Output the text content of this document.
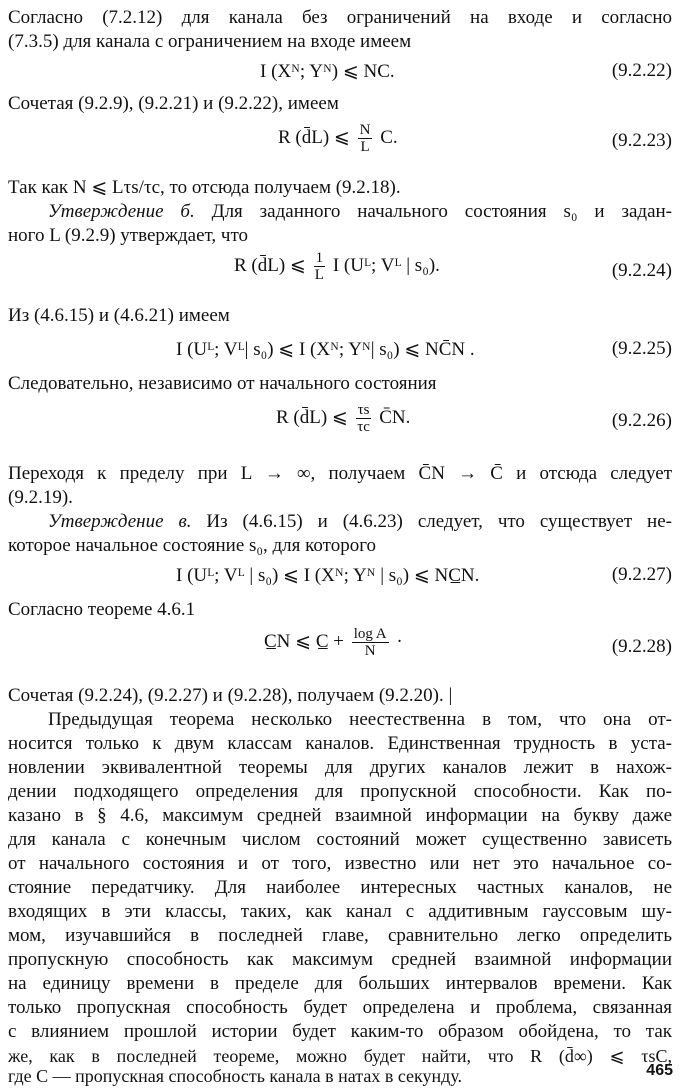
Согласно (7.2.12) для канала без ограничений на входе и согласно
(7.3.5) для канала с ограничением на входе имеем
I (Xᴺ; Yᴺ) ⩽ NC.	(9.2.22)
Сочетая (9.2.9), (9.2.21) и (9.2.22), имеем
R (d̄L) ⩽ $\frac{N}{L} C$.	(9.2.23)
Так как N ⩽ Lτs/τc, то отсюда получаем (9.2.18).
Утверждение б. Для заданного начального состояния s₀ и задан-
ного L (9.2.9) утверждает, что
R (d̄L) ⩽ $\frac{1}{L}$ I (Uᴸ; Vᴸ | s₀).	(9.2.24)
Из (4.6.15) и (4.6.21) имеем
I (Uᴸ; Vᴸ| s₀) ⩽ I (Xᴺ; Yᴺ| s₀) ⩽ NC̄N .	(9.2.25)
Следовательно, независимо от начального состояния
R (d̄L) ⩽ $\frac{\tau s}{\tau c}$ C̄N.	(9.2.26)
Переходя к пределу при L → ∞, получаем C̄N → C̄ и отсюда следует
(9.2.19).
Утверждение в. Из (4.6.15) и (4.6.23) следует, что существует не-
которое начальное состояние s₀, для которого
I (Uᴸ; Vᴸ | s₀) ⩽ I (Xᴺ; Yᴺ | s₀) ⩽ NC̲N.	(9.2.27)
Согласно теореме 4.6.1
C̲N ⩽ C̲ + $\frac{\text{log A}}{N}$ ·	(9.2.28)
Сочетая (9.2.24), (9.2.27) и (9.2.28), получаем (9.2.20). |
Предыдущая теорема несколько неестественна в том, что она от-
носится только к двум классам каналов. Единственная трудность в уста-
новлении эквивалентной теоремы для других каналов лежит в нахож-
дении подходящего определения для пропускной способности. Как по-
казано в § 4.6, максимум средней взаимной информации на букву даже
для канала с конечным числом состояний может существенно зависеть
от начального состояния и от того, известно или нет это начальное со-
стояние передатчику. Для наиболее интересных частных каналов, не
входящих в эти классы, таких, как канал с аддитивным гауссовым шу-
мом, изучавшийся в последней главе, сравнительно легко определить
пропускную способность как максимум средней взаимной информации
на единицу времени в пределе для больших интервалов времени. Как
только пропускная способность будет определена и проблема, связанная
с влиянием прошлой истории будет каким-то образом обойдена, то так
же, как в последней теореме, можно будет найти, что R (d̄∞) ⩽ τsC,
где C — пропускная способность канала в натах в секунду.	465
